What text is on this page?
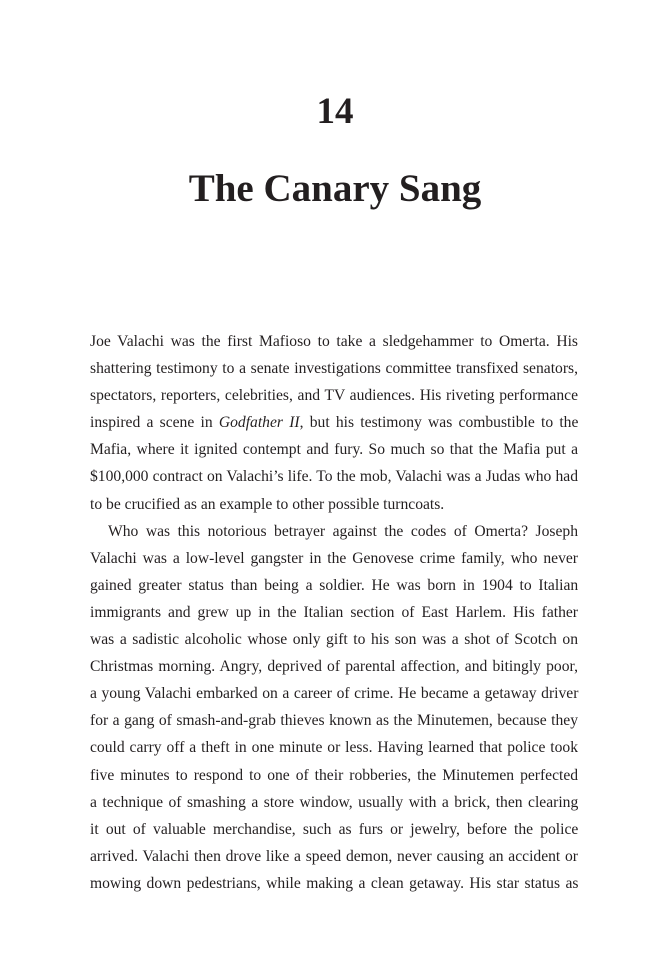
14
The Canary Sang
Joe Valachi was the first Mafioso to take a sledgehammer to Omerta. His
shattering testimony to a senate investigations committee transfixed senators,
spectators, reporters, celebrities, and TV audiences. His riveting performance
inspired a scene in Godfather II, but his testimony was combustible to the
Mafia, where it ignited contempt and fury. So much so that the Mafia put a
$100,000 contract on Valachi’s life. To the mob, Valachi was a Judas who had
to be crucified as an example to other possible turncoats.
Who was this notorious betrayer against the codes of Omerta? Joseph
Valachi was a low-level gangster in the Genovese crime family, who never
gained greater status than being a soldier. He was born in 1904 to Italian
immigrants and grew up in the Italian section of East Harlem. His father
was a sadistic alcoholic whose only gift to his son was a shot of Scotch on
Christmas morning. Angry, deprived of parental affection, and bitingly poor,
a young Valachi embarked on a career of crime. He became a getaway driver
for a gang of smash-and-grab thieves known as the Minutemen, because they
could carry off a theft in one minute or less. Having learned that police took
five minutes to respond to one of their robberies, the Minutemen perfected
a technique of smashing a store window, usually with a brick, then clearing
it out of valuable merchandise, such as furs or jewelry, before the police
arrived. Valachi then drove like a speed demon, never causing an accident or
mowing down pedestrians, while making a clean getaway. His star status as
